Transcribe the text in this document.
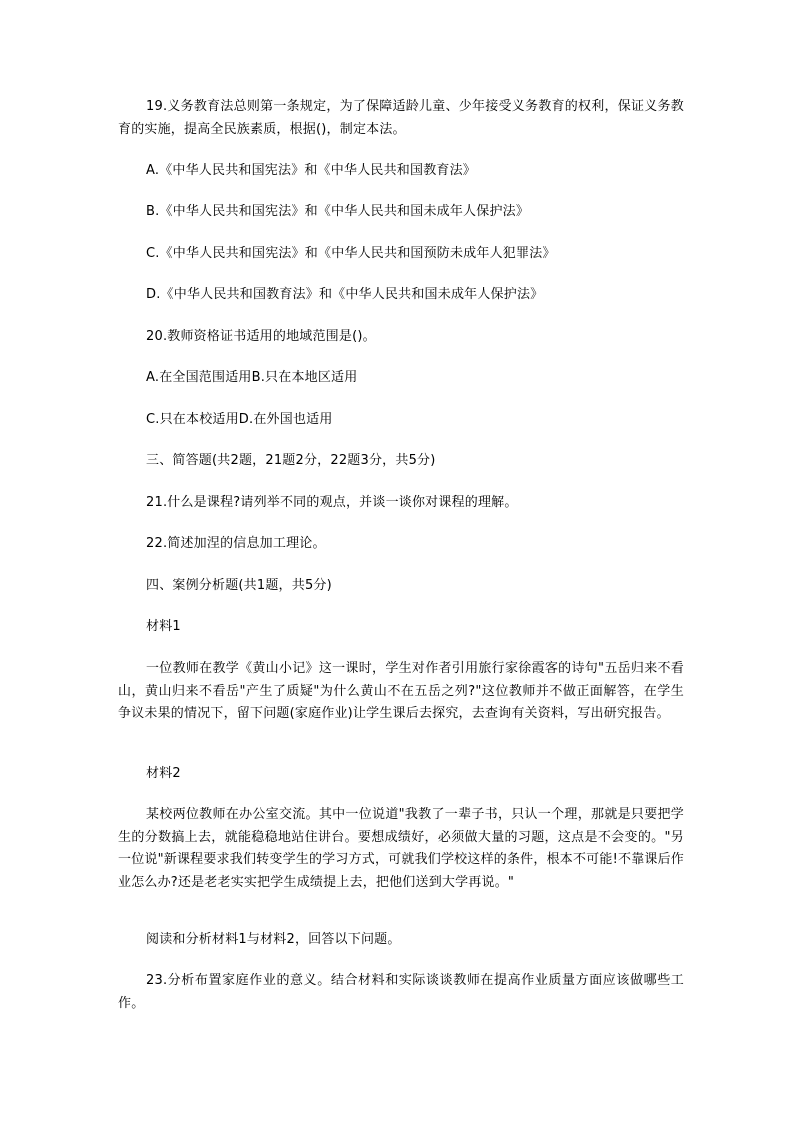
19.义务教育法总则第一条规定，为了保障适龄儿童、少年接受义务教育的权利，保证义务教育的实施，提高全民族素质，根据()，制定本法。

A.《中华人民共和国宪法》和《中华人民共和国教育法》

B.《中华人民共和国宪法》和《中华人民共和国未成年人保护法》

C.《中华人民共和国宪法》和《中华人民共和国预防未成年人犯罪法》

D.《中华人民共和国教育法》和《中华人民共和国未成年人保护法》

20.教师资格证书适用的地域范围是()。

A.在全国范围适用B.只在本地区适用

C.只在本校适用D.在外国也适用

三、简答题(共2题，21题2分，22题3分，共5分)

21.什么是课程?请列举不同的观点，并谈一谈你对课程的理解。

22.简述加涅的信息加工理论。

四、案例分析题(共1题，共5分)

材料1

一位教师在教学《黄山小记》这一课时，学生对作者引用旅行家徐霞客的诗句"五岳归来不看山，黄山归来不看岳"产生了质疑"为什么黄山不在五岳之列?"这位教师并不做正面解答，在学生争议未果的情况下，留下问题(家庭作业)让学生课后去探究，去查询有关资料，写出研究报告。

材料2

某校两位教师在办公室交流。其中一位说道"我教了一辈子书，只认一个理，那就是只要把学生的分数搞上去，就能稳稳地站住讲台。要想成绩好，必须做大量的习题，这点是不会变的。"另一位说"新课程要求我们转变学生的学习方式，可就我们学校这样的条件，根本不可能!不靠课后作业怎么办?还是老老实实把学生成绩提上去，把他们送到大学再说。"

阅读和分析材料1与材料2，回答以下问题。

23.分析布置家庭作业的意义。结合材料和实际谈谈教师在提高作业质量方面应该做哪些工作。
